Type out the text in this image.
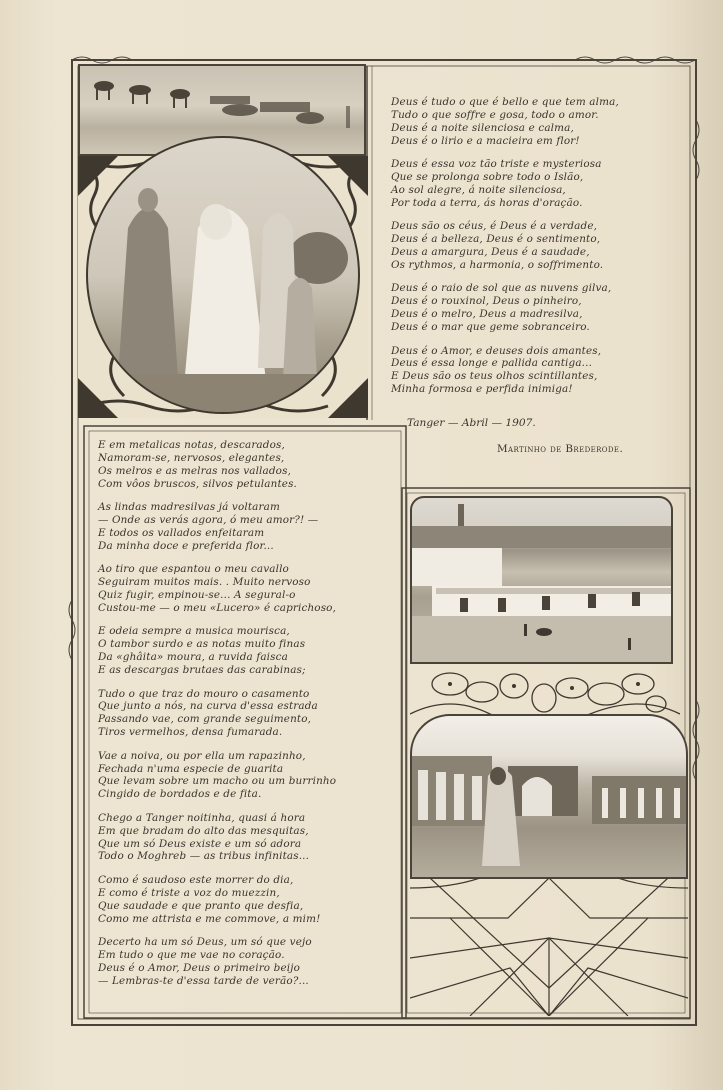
Deus é tudo o que é bello e que tem alma,
Tudo o que soffre e gosa, todo o amor.
Deus é a noite silenciosa e calma,
Deus é o lirio e a macieira em flor!
Deus é essa voz tão triste e mysteriosa
Que se prolonga sobre todo o Islão,
Ao sol alegre, á noite silenciosa,
Por toda a terra, ás horas d'oração.
Deus são os céus, é Deus é a verdade,
Deus é a belleza, Deus é o sentimento,
Deus a amargura, Deus é a saudade,
Os rythmos, a harmonia, o soffrimento.
Deus é o raio de sol que as nuvens gilva,
Deus é o rouxinol, Deus o pinheiro,
Deus é o melro, Deus a madresilva,
Deus é o mar que geme sobranceiro.
Deus é o Amor, e deuses dois amantes,
Deus é essa longe e pallida cantiga...
E Deus são os teus olhos scintillantes,
Minha formosa e perfida inimiga!
Tanger — Abril — 1907.
Martinho de Brederode.
E em metalicas notas, descarados,
Namoram-se, nervosos, elegantes,
Os melros e as melras nos vallados,
Com vôos bruscos, silvos petulantes.
As lindas madresilvas já voltaram
— Onde as verás agora, ó meu amor?! —
E todos os vallados enfeitaram
Da minha doce e preferida flor...
Ao tiro que espantou o meu cavallo
Seguiram muitos mais. . Muito nervoso
Quiz fugir, empinou-se... A segural-o
Custou-me — o meu «Lucero» é caprichoso,
E odeia sempre a musica mourisca,
O tambor surdo e as notas muito finas
Da «ghâita» moura, a ruvida faisca
E as descargas brutaes das carabinas;
Tudo o que traz do mouro o casamento
Que junto a nós, na curva d'essa estrada
Passando vae, com grande seguimento,
Tiros vermelhos, densa fumarada.
Vae a noiva, ou por ella um rapazinho,
Fechada n'uma especie de guarita
Que levam sobre um macho ou um burrinho
Cingido de bordados e de fita.
Chego a Tanger noitinha, quasi á hora
Em que bradam do alto das mesquitas,
Que um só Deus existe e um só adora
Todo o Moghreb — as tribus infinitas...
Como é saudoso este morrer do dia,
E como é triste a voz do muezzin,
Que saudade e que pranto que desfia,
Como me attrista e me commove, a mim!
Decerto ha um só Deus, um só que vejo
Em tudo o que me vae no coração.
Deus é o Amor, Deus o primeiro beijo
— Lembras-te d'essa tarde de verão?...
